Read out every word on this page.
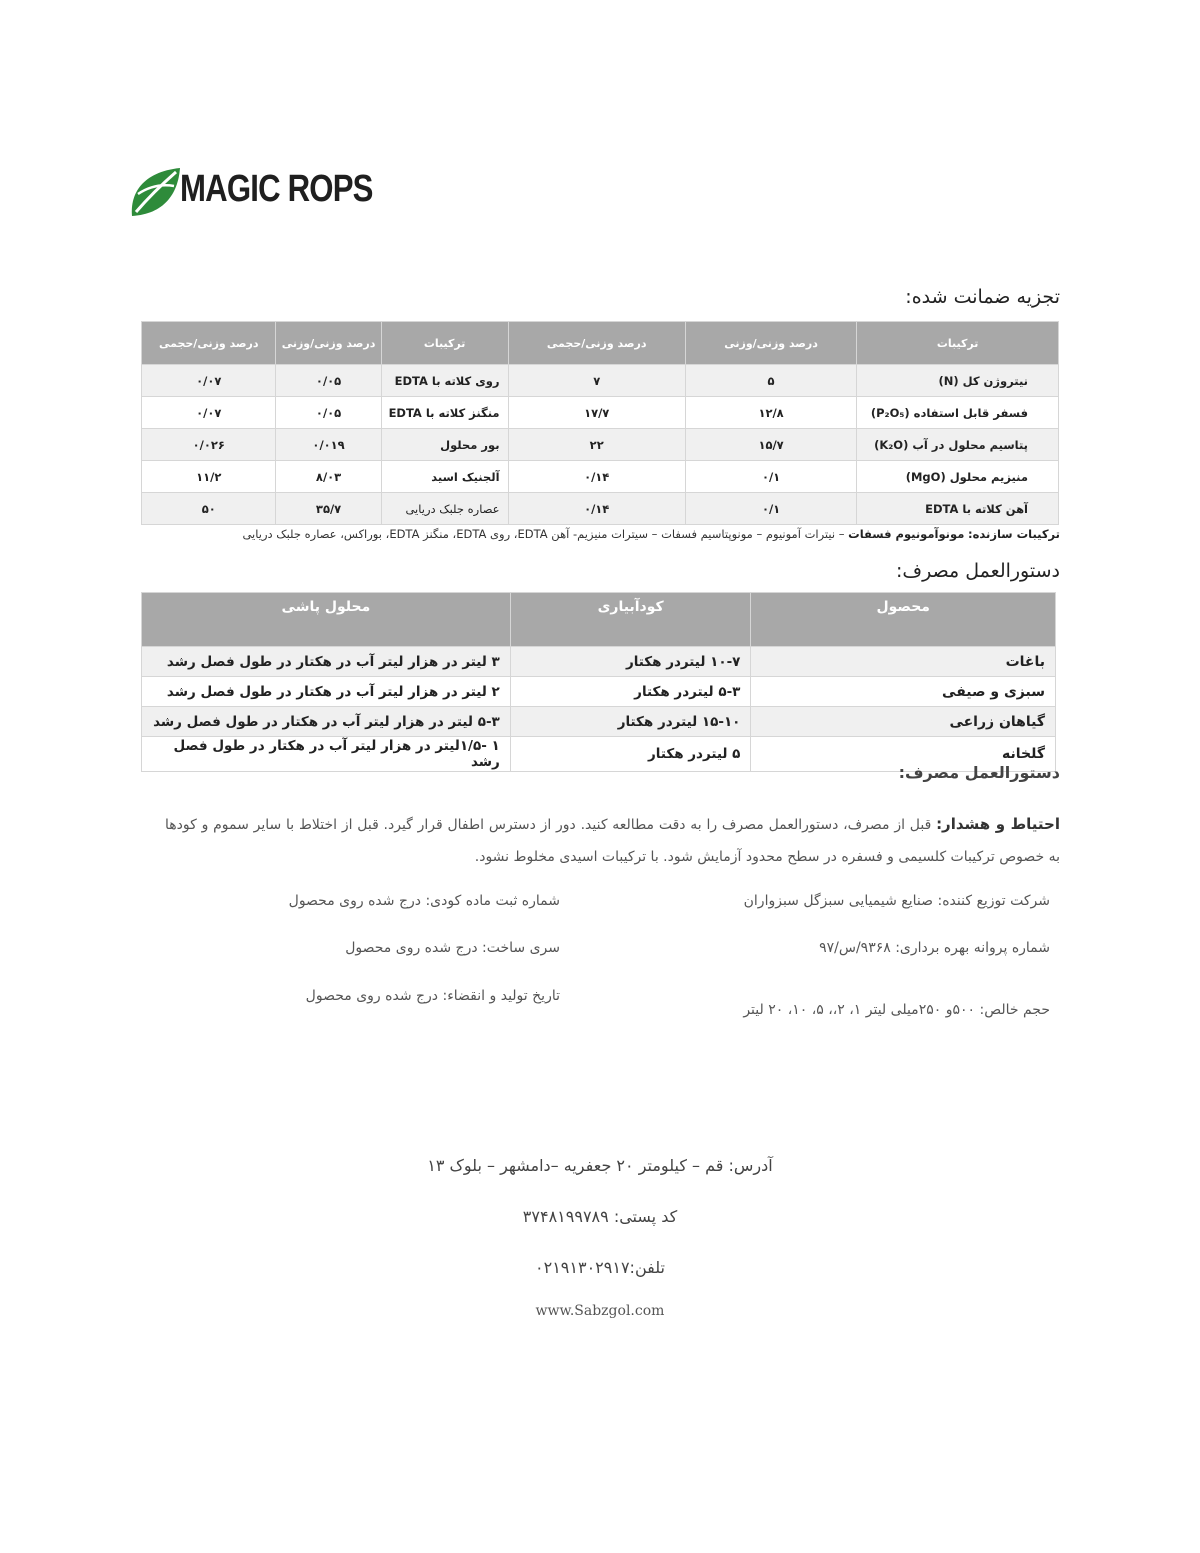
MAGIC ROPS
تجزیه ضمانت شده:
ترکیبات	درصد وزنی/وزنی	درصد وزنی/حجمی	ترکیبات	درصد وزنی/وزنی	درصد وزنی/حجمی
نیتروژن کل (N)	۵	۷	روی کلاته با EDTA	۰/۰۵	۰/۰۷
فسفر قابل استفاده (P₂O₅)	۱۲/۸	۱۷/۷	منگنز کلاته با EDTA	۰/۰۵	۰/۰۷
پتاسیم محلول در آب (K₂O)	۱۵/۷	۲۲	بور محلول	۰/۰۱۹	۰/۰۲۶
منیزیم محلول (MgO)	۰/۱	۰/۱۴	آلجنیک اسید	۸/۰۳	۱۱/۲
آهن کلاته با EDTA	۰/۱	۰/۱۴	عصاره جلبک دریایی	۳۵/۷	۵۰
ترکیبات سازنده: مونوآمونیوم فسفات – نیترات آمونیوم – مونوپتاسیم فسفات – سیترات منیزیم- آهن EDTA، روی EDTA، منگنز EDTA، بوراکس، عصاره جلبک دریایی
دستورالعمل مصرف:
محصول	کودآبیاری	محلول پاشی
باغات	۱۰-۷ لیتردر هکتار	۳ لیتر در هزار لیتر آب در هکتار در طول فصل رشد
سبزی و صیفی	۵-۳ لیتردر هکتار	۲ لیتر در هزار لیتر آب در هکتار در طول فصل رشد
گیاهان زراعی	۱۵-۱۰ لیتردر هکتار	۵-۳ لیتر در هزار لیتر آب در هکتار در طول فصل رشد
گلخانه	۵ لیتردر هکتار	۱ -۱/۵لیتر در هزار لیتر آب در هکتار در طول فصل رشد
دستورالعمل مصرف:
احتیاط و هشدار: قبل از مصرف، دستورالعمل مصرف را به دقت مطالعه کنید. دور از دسترس اطفال قرار گیرد. قبل از اختلاط با سایر سموم و کودها به خصوص ترکیبات کلسیمی و فسفره در سطح محدود آزمایش شود. با ترکیبات اسیدی مخلوط نشود.
شرکت توزیع کننده: صنایع شیمیایی سبزگل سبزواران
شماره پروانه بهره برداری: ۹۳۶۸/س/۹۷
حجم خالص: ۵۰۰و ۲۵۰میلی لیتر ۱، ۲،، ۵، ۱۰، ۲۰ لیتر
شماره ثبت ماده کودی: درج شده روی محصول
سری ساخت: درج شده روی محصول
تاریخ تولید و انقضاء: درج شده روی محصول
آدرس: قم – کیلومتر ۲۰ جعفریه –دامشهر – بلوک ۱۳
کد پستی: ۳۷۴۸۱۹۹۷۸۹
تلفن:۰۲۱۹۱۳۰۲۹۱۷
www.Sabzgol.com
